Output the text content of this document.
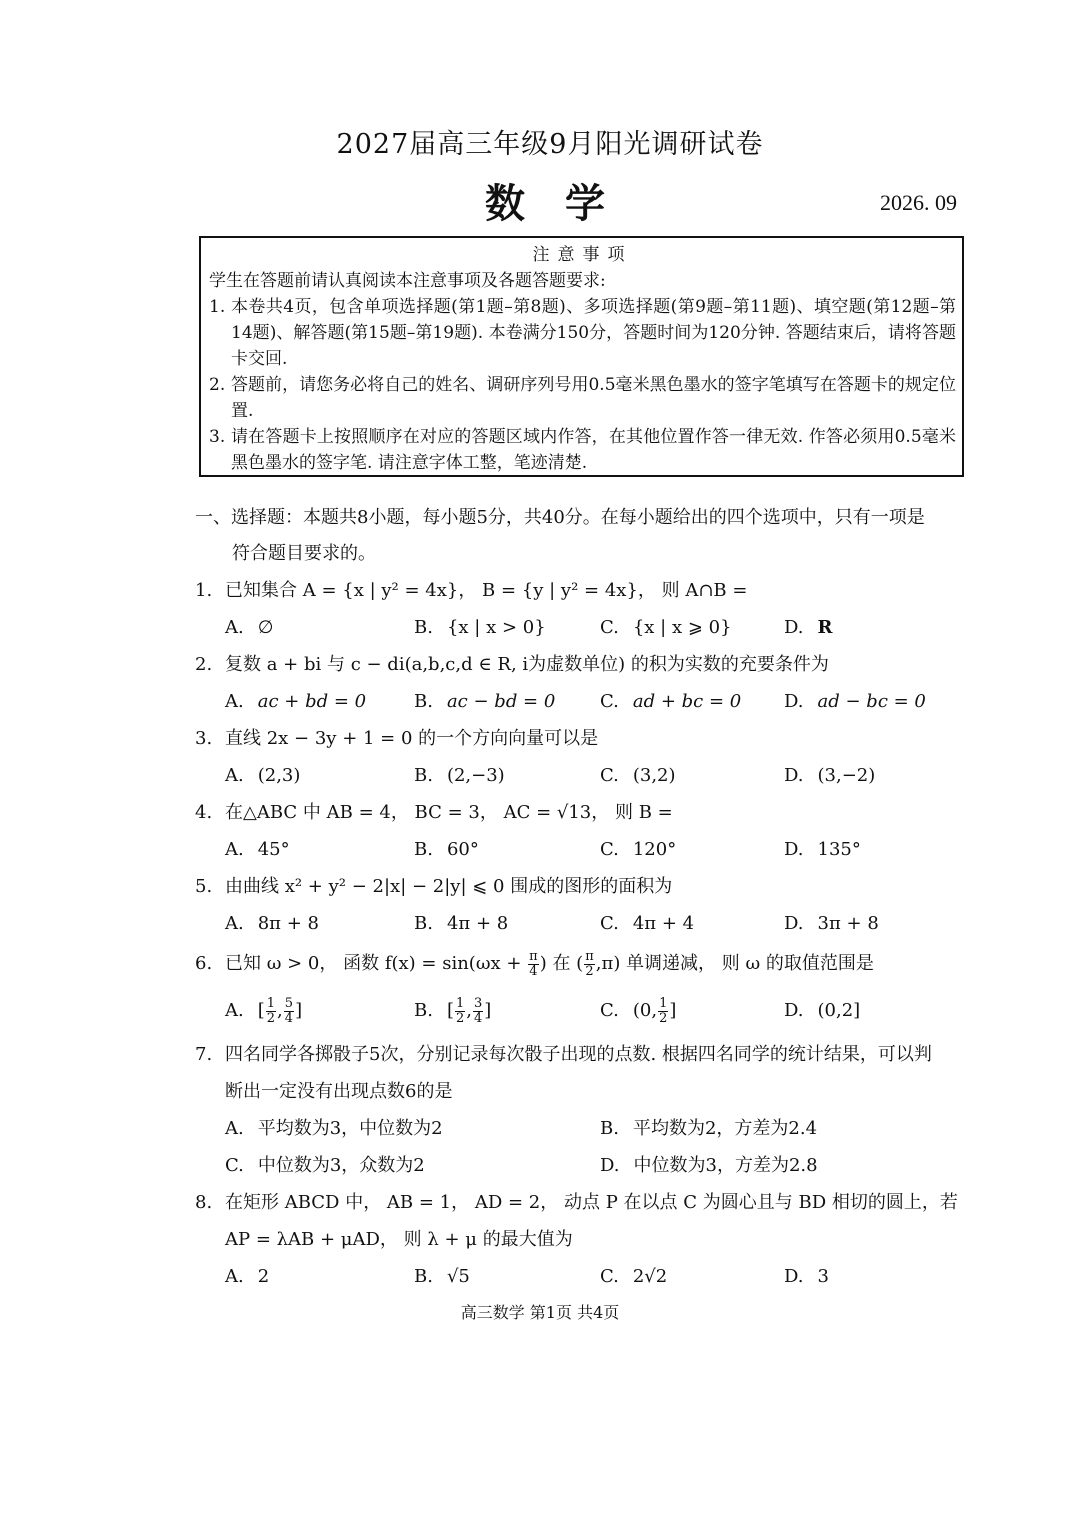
2027届高三年级9月阳光调研试卷
数学	2026. 09
注意事项

学生在答题前请认真阅读本注意事项及各题答题要求:

1. 本卷共4页，包含单项选择题(第1题–第8题)、多项选择题(第9题–第11题)、填空题(第12题–第14题)、解答题(第15题–第19题). 本卷满分150分，答题时间为120分钟. 答题结束后，请将答题卡交回.
2. 答题前，请您务必将自己的姓名、调研序列号用0.5毫米黑色墨水的签字笔填写在答题卡的规定位置.
3. 请在答题卡上按照顺序在对应的答题区域内作答，在其他位置作答一律无效. 作答必须用0.5毫米黑色墨水的签字笔. 请注意字体工整，笔迹清楚.
一、选择题：本题共8小题，每小题5分，共40分。在每小题给出的四个选项中，只有一项是
符合题目要求的。
1. 已知集合 A = {x | y² = 4x}， B = {y | y² = 4x}， 则 A∩B =
A. ∅	B. {x | x > 0}	C. {x | x ⩾ 0}	D. R
2. 复数 a + bi 与 c − di(a,b,c,d ∈ R, i为虚数单位) 的积为实数的充要条件为
A. ac + bd = 0	B. ac − bd = 0	C. ad + bc = 0	D. ad − bc = 0
3. 直线 2x − 3y + 1 = 0 的一个方向向量可以是
A. (2,3)	B. (2,−3)	C. (3,2)	D. (3,−2)
4. 在△ABC 中 AB = 4， BC = 3， AC = √13， 则 B =
A. 45°	B. 60°	C. 120°	D. 135°
5. 由曲线 x² + y² − 2|x| − 2|y| ⩽ 0 围成的图形的面积为
A. 8π + 8	B. 4π + 8	C. 4π + 4	D. 3π + 8
6. 已知 ω > 0， 函数 $f(x) = \sin(\omega x + \frac{\pi}{4}$ ) 在 ( $\frac{\pi}{2} ,\pi$) 单调递减， 则 ω 的取值范围是
A. [ $\frac{1}{2}$ , $\frac{5}{4}$ ]	B. [ $\frac{1}{2}$ , $\frac{3}{4}$ ]	C. (0, $\frac{1}{2}$ ]	D. (0,2]
7. 四名同学各掷骰子5次，分别记录每次骰子出现的点数. 根据四名同学的统计结果，可以判
断出一定没有出现点数6的是
A. 平均数为3，中位数为2	B. 平均数为2，方差为2.4
C. 中位数为3，众数为2	D. 中位数为3，方差为2.8
8. 在矩形 ABCD 中， AB = 1， AD = 2， 动点 P 在以点 C 为圆心且与 BD 相切的圆上，若
AP = λAB + μAD， 则 λ + μ 的最大值为
A. 2	B. √5	C. 2√2	D. 3
高三数学 第1页 共4页
